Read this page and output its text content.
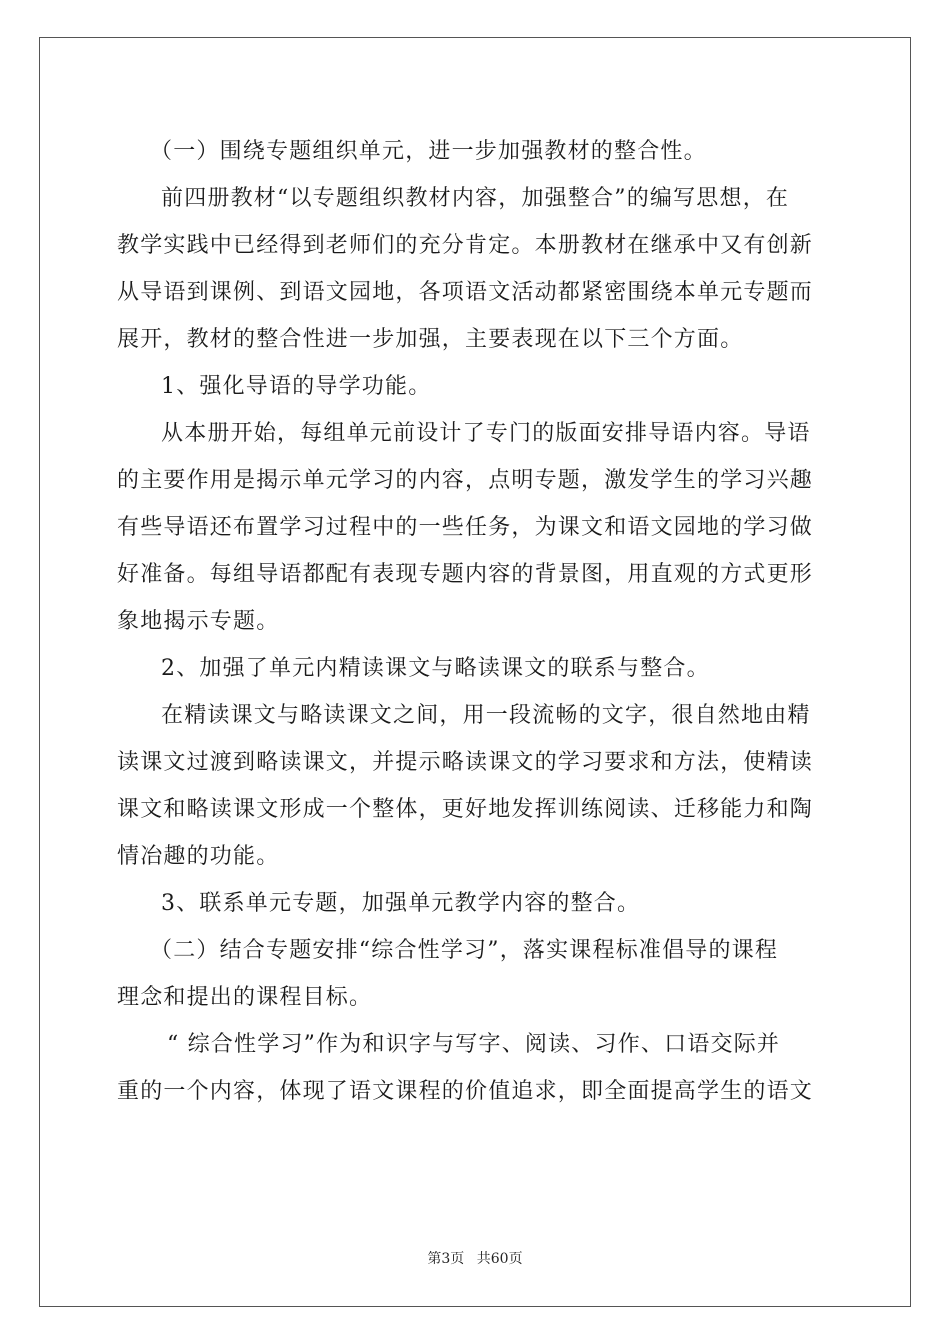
（一）围绕专题组织单元，进一步加强教材的整合性。
前四册教材“以专题组织教材内容，加强整合”的编写思想，在
教学实践中已经得到老师们的充分肯定。本册教材在继承中又有创新
从导语到课例、到语文园地，各项语文活动都紧密围绕本单元专题而
展开，教材的整合性进一步加强，主要表现在以下三个方面。
1、强化导语的导学功能。
从本册开始，每组单元前设计了专门的版面安排导语内容。导语
的主要作用是揭示单元学习的内容，点明专题，激发学生的学习兴趣
有些导语还布置学习过程中的一些任务，为课文和语文园地的学习做
好准备。每组导语都配有表现专题内容的背景图，用直观的方式更形
象地揭示专题。
2、加强了单元内精读课文与略读课文的联系与整合。
在精读课文与略读课文之间，用一段流畅的文字，很自然地由精
读课文过渡到略读课文，并提示略读课文的学习要求和方法，使精读
课文和略读课文形成一个整体，更好地发挥训练阅读、迁移能力和陶
情冶趣的功能。
3、联系单元专题，加强单元教学内容的整合。
（二）结合专题安排“综合性学习”，落实课程标准倡导的课程
理念和提出的课程目标。
“ 综合性学习”作为和识字与写字、阅读、习作、口语交际并
重的一个内容，体现了语文课程的价值追求，即全面提高学生的语文
第3页 共60页
